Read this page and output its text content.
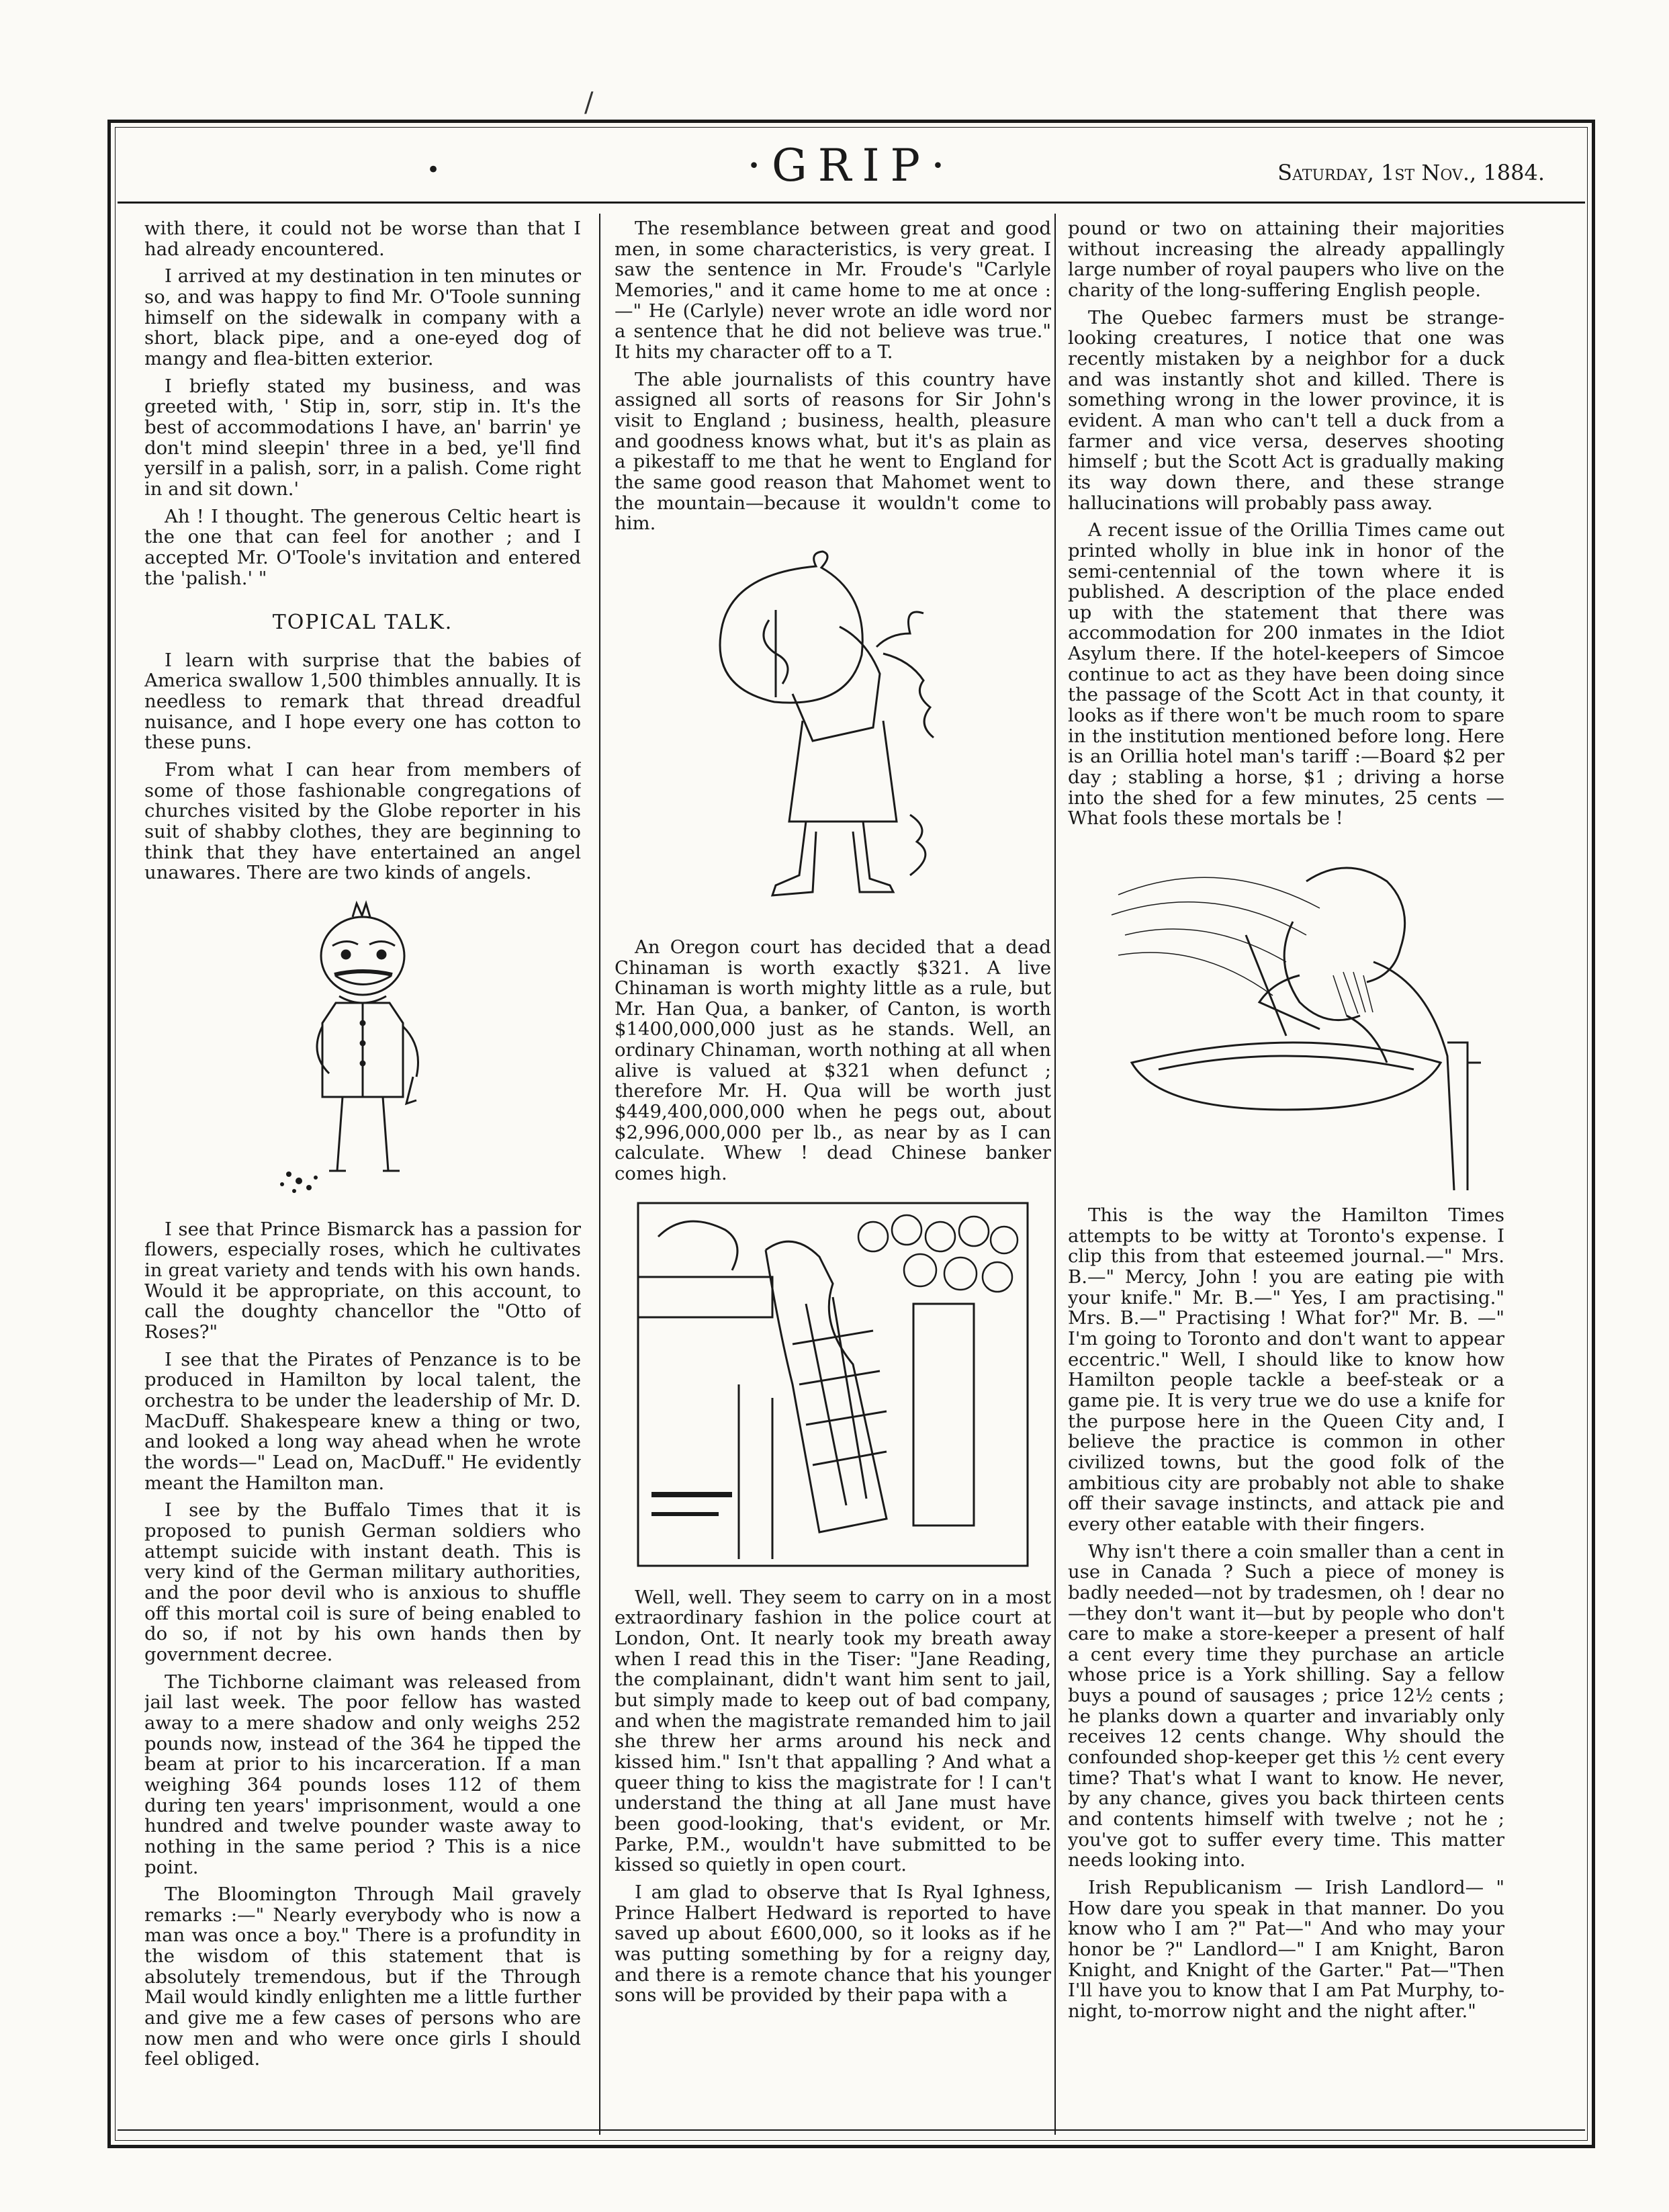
/
•	·GRIP·	Saturday, 1st Nov., 1884.

with there, it could not be worse than that I had already encountered.

I arrived at my destination in ten minutes or so, and was happy to find Mr. O'Toole sunning himself on the sidewalk in company with a short, black pipe, and a one-eyed dog of mangy and flea-bitten exterior.

I briefly stated my business, and was greeted with, ' Stip in, sorr, stip in. It's the best of accommodations I have, an' barrin' ye don't mind sleepin' three in a bed, ye'll find yersilf in a palish, sorr, in a palish. Come right in and sit down.'

Ah ! I thought. The generous Celtic heart is the one that can feel for another ; and I accepted Mr. O'Toole's invitation and entered the 'palish.' "

TOPICAL TALK.

I learn with surprise that the babies of America swallow 1,500 thimbles annually. It is needless to remark that thread dreadful nuisance, and I hope every one has cotton to these puns.

From what I can hear from members of some of those fashionable congregations of churches visited by the Globe reporter in his suit of shabby clothes, they are beginning to think that they have entertained an angel unawares. There are two kinds of angels.

I see that Prince Bismarck has a passion for flowers, especially roses, which he cultivates in great variety and tends with his own hands. Would it be appropriate, on this account, to call the doughty chancellor the "Otto of Roses?"

I see that the Pirates of Penzance is to be produced in Hamilton by local talent, the orchestra to be under the leadership of Mr. D. MacDuff. Shakespeare knew a thing or two, and looked a long way ahead when he wrote the words—" Lead on, MacDuff." He evidently meant the Hamilton man.

I see by the Buffalo Times that it is proposed to punish German soldiers who attempt suicide with instant death. This is very kind of the German military authorities, and the poor devil who is anxious to shuffle off this mortal coil is sure of being enabled to do so, if not by his own hands then by government decree.

The Tichborne claimant was released from jail last week. The poor fellow has wasted away to a mere shadow and only weighs 252 pounds now, instead of the 364 he tipped the beam at prior to his incarceration. If a man weighing 364 pounds loses 112 of them during ten years' imprisonment, would a one hundred and twelve pounder waste away to nothing in the same period ? This is a nice point.

The Bloomington Through Mail gravely remarks :—" Nearly everybody who is now a man was once a boy." There is a profundity in the wisdom of this statement that is absolutely tremendous, but if the Through Mail would kindly enlighten me a little further and give me a few cases of persons who are now men and who were once girls I should feel obliged.

The resemblance between great and good men, in some characteristics, is very great. I saw the sentence in Mr. Froude's "Carlyle Memories," and it came home to me at once : —" He (Carlyle) never wrote an idle word nor a sentence that he did not believe was true." It hits my character off to a T.

The able journalists of this country have assigned all sorts of reasons for Sir John's visit to England ; business, health, pleasure and goodness knows what, but it's as plain as a pikestaff to me that he went to England for the same good reason that Mahomet went to the mountain—because it wouldn't come to him.

An Oregon court has decided that a dead Chinaman is worth exactly $321. A live Chinaman is worth mighty little as a rule, but Mr. Han Qua, a banker, of Canton, is worth $1400,000,000 just as he stands. Well, an ordinary Chinaman, worth nothing at all when alive is valued at $321 when defunct ; therefore Mr. H. Qua will be worth just $449,400,000,000 when he pegs out, about $2,996,000,000 per lb., as near by as I can calculate. Whew ! dead Chinese banker comes high.

Well, well. They seem to carry on in a most extraordinary fashion in the police court at London, Ont. It nearly took my breath away when I read this in the Tiser: "Jane Reading, the complainant, didn't want him sent to jail, but simply made to keep out of bad company, and when the magistrate remanded him to jail she threw her arms around his neck and kissed him." Isn't that appalling ? And what a queer thing to kiss the magistrate for ! I can't understand the thing at all Jane must have been good-looking, that's evident, or Mr. Parke, P.M., wouldn't have submitted to be kissed so quietly in open court.

I am glad to observe that Is Ryal Ighness, Prince Halbert Hedward is reported to have saved up about £600,000, so it looks as if he was putting something by for a reigny day, and there is a remote chance that his younger sons will be provided by their papa with a

pound or two on attaining their majorities without increasing the already appallingly large number of royal paupers who live on the charity of the long-suffering English people.

The Quebec farmers must be strange-looking creatures, I notice that one was recently mistaken by a neighbor for a duck and was instantly shot and killed. There is something wrong in the lower province, it is evident. A man who can't tell a duck from a farmer and vice versa, deserves shooting himself ; but the Scott Act is gradually making its way down there, and these strange hallucinations will probably pass away.

A recent issue of the Orillia Times came out printed wholly in blue ink in honor of the semi-centennial of the town where it is published. A description of the place ended up with the statement that there was accommodation for 200 inmates in the Idiot Asylum there. If the hotel-keepers of Simcoe continue to act as they have been doing since the passage of the Scott Act in that county, it looks as if there won't be much room to spare in the institution mentioned before long. Here is an Orillia hotel man's tariff :—Board $2 per day ; stabling a horse, $1 ; driving a horse into the shed for a few minutes, 25 cents —What fools these mortals be !

This is the way the Hamilton Times attempts to be witty at Toronto's expense. I clip this from that esteemed journal.—" Mrs. B.—" Mercy, John ! you are eating pie with your knife." Mr. B.—" Yes, I am practising." Mrs. B.—" Practising ! What for?" Mr. B. —" I'm going to Toronto and don't want to appear eccentric." Well, I should like to know how Hamilton people tackle a beef-steak or a game pie. It is very true we do use a knife for the purpose here in the Queen City and, I believe the practice is common in other civilized towns, but the good folk of the ambitious city are probably not able to shake off their savage instincts, and attack pie and every other eatable with their fingers.

Why isn't there a coin smaller than a cent in use in Canada ? Such a piece of money is badly needed—not by tradesmen, oh ! dear no —they don't want it—but by people who don't care to make a store-keeper a present of half a cent every time they purchase an article whose price is a York shilling. Say a fellow buys a pound of sausages ; price 12½ cents ; he planks down a quarter and invariably only receives 12 cents change. Why should the confounded shop-keeper get this ½ cent every time? That's what I want to know. He never, by any chance, gives you back thirteen cents and contents himself with twelve ; not he ; you've got to suffer every time. This matter needs looking into.

Irish Republicanism — Irish Landlord— " How dare you speak in that manner. Do you know who I am ?" Pat—" And who may your honor be ?" Landlord—" I am Knight, Baron Knight, and Knight of the Garter." Pat—"Then I'll have you to know that I am Pat Murphy, to-night, to-morrow night and the night after."
